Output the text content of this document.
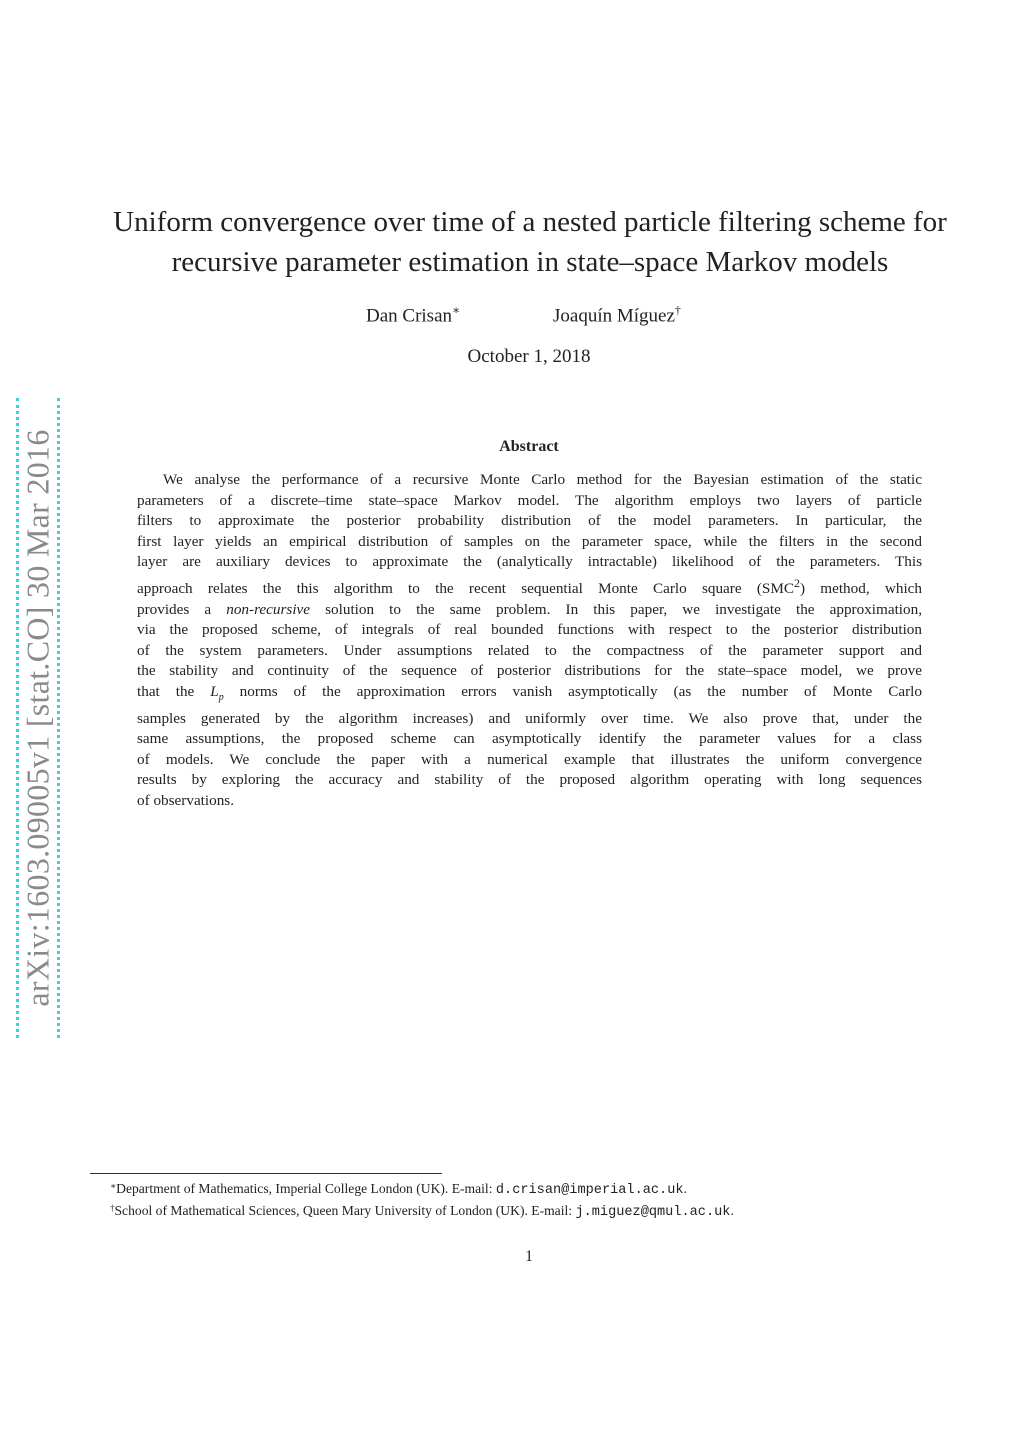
arXiv:1603.09005v1 [stat.CO] 30 Mar 2016
Uniform convergence over time of a nested particle filtering scheme for
recursive parameter estimation in state–space Markov models
Dan Crisan∗	Joaquín Míguez†
October 1, 2018
Abstract
We analyse the performance of a recursive Monte Carlo method for the Bayesian estimation of the static
parameters of a discrete–time state–space Markov model. The algorithm employs two layers of particle
filters to approximate the posterior probability distribution of the model parameters. In particular, the
first layer yields an empirical distribution of samples on the parameter space, while the filters in the second
layer are auxiliary devices to approximate the (analytically intractable) likelihood of the parameters. This
approach relates the this algorithm to the recent sequential Monte Carlo square (SMC$^2$) method, which
provides a non-recursive solution to the same problem. In this paper, we investigate the approximation,
via the proposed scheme, of integrals of real bounded functions with respect to the posterior distribution
of the system parameters. Under assumptions related to the compactness of the parameter support and
the stability and continuity of the sequence of posterior distributions for the state–space model, we prove
that the $L_p$ norms of the approximation errors vanish asymptotically (as the number of Monte Carlo
samples generated by the algorithm increases) and uniformly over time. We also prove that, under the
same assumptions, the proposed scheme can asymptotically identify the parameter values for a class
of models. We conclude the paper with a numerical example that illustrates the uniform convergence
results by exploring the accuracy and stability of the proposed algorithm operating with long sequences
of observations.
∗Department of Mathematics, Imperial College London (UK). E-mail: d.crisan@imperial.ac.uk.
†School of Mathematical Sciences, Queen Mary University of London (UK). E-mail: j.miguez@qmul.ac.uk.
1
